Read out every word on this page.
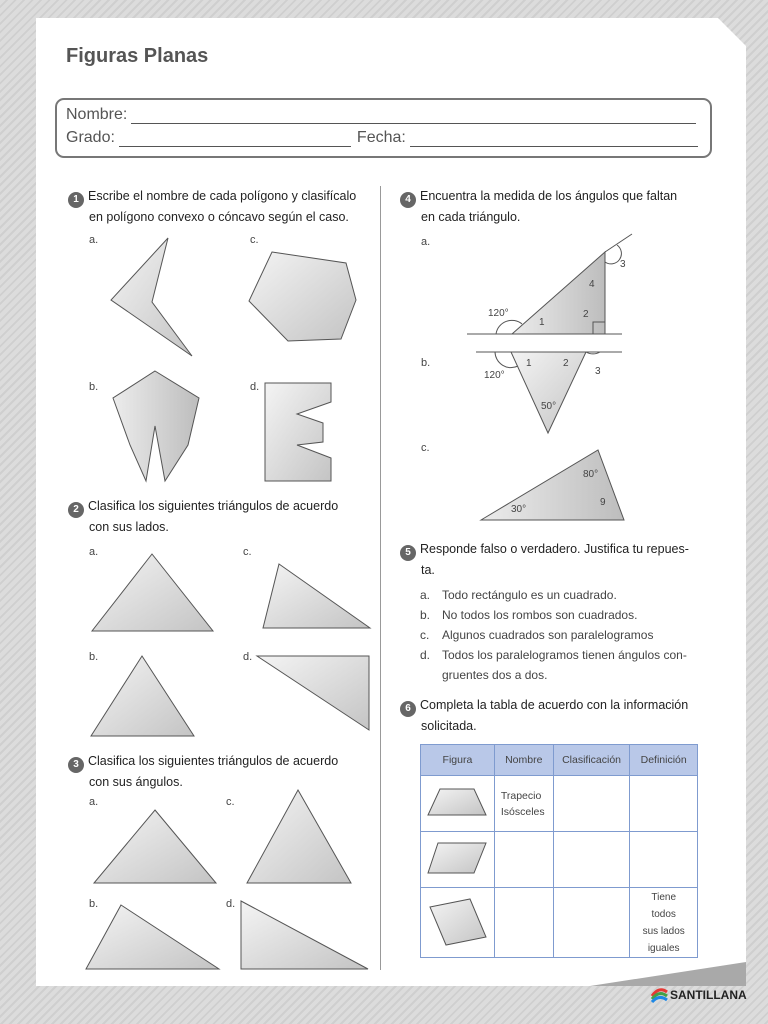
Figuras Planas
Nombre:
Grado:	Fecha:
1 Escribe el nombre de cada polígono y clasifícalo
en polígono convexo o cóncavo según el caso.
a.	c.
b.	d.
2 Clasifica los siguientes triángulos de acuerdo
con sus lados.
a.	c.
b.	d.
3 Clasifica los siguientes triángulos de acuerdo
con sus ángulos.
a.	c.
b.	d.
4 Encuentra la medida de los ángulos que faltan
en cada triángulo.
a.
b.
c.
120°
1
2
3
4
120°
1	2
3
50°
30°
80°
9
5 Responde falso o verdadero. Justifica tu repues-
ta.
a. Todo rectángulo es un cuadrado.
b. No todos los rombos son cuadrados.
c.	Algunos cuadrados son paralelogramos
d. Todos los paralelogramos tienen ángulos con-
gruentes dos a dos.
6 Completa la tabla de acuerdo con la información
solicitada.
Figura	Nombre	Clasificación	Definición
	Trapecio
Isósceles		

			Tiene
todos
sus lados
iguales
SANTILLANA
